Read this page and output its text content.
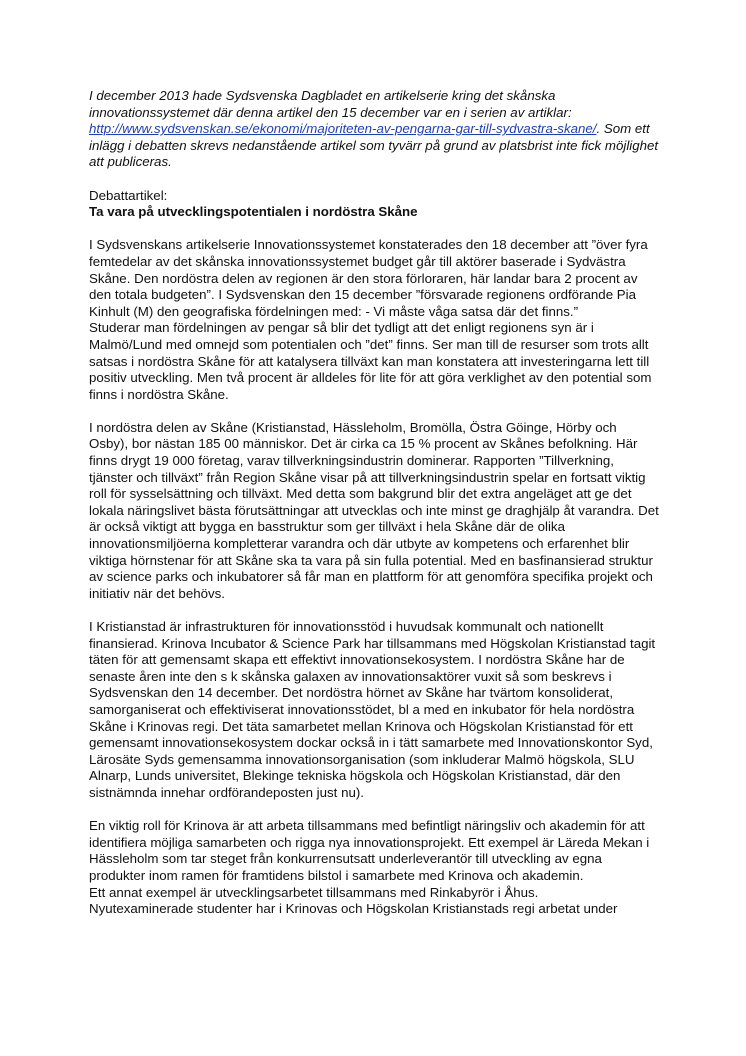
I december 2013 hade Sydsvenska Dagbladet en artikelserie kring det skånska innovationssystemet där denna artikel den 15 december var en i serien av artiklar: http://www.sydsvenskan.se/ekonomi/majoriteten-av-pengarna-gar-till-sydvastra-skane/. Som ett inlägg i debatten skrevs nedanstående artikel som tyvärr på grund av platsbrist inte fick möjlighet att publiceras.

Debattartikel:

Ta vara på utvecklingspotentialen i nordöstra Skåne

I Sydsvenskans artikelserie Innovationssystemet konstaterades den 18 december att ”över fyra femtedelar av det skånska innovationssystemet budget går till aktörer baserade i Sydvästra Skåne. Den nordöstra delen av regionen är den stora förloraren, här landar bara 2 procent av den totala budgeten”. I Sydsvenskan den 15 december ”försvarade regionens ordförande Pia Kinhult (M) den geografiska fördelningen med: - Vi måste våga satsa där det finns.”

Studerar man fördelningen av pengar så blir det tydligt att det enligt regionens syn är i Malmö/Lund med omnejd som potentialen och ”det” finns. Ser man till de resurser som trots allt satsas i nordöstra Skåne för att katalysera tillväxt kan man konstatera att investeringarna lett till positiv utveckling. Men två procent är alldeles för lite för att göra verklighet av den potential som finns i nordöstra Skåne.

I nordöstra delen av Skåne (Kristianstad, Hässleholm, Bromölla, Östra Göinge, Hörby och Osby), bor nästan 185 00 människor. Det är cirka ca 15 % procent av Skånes befolkning. Här finns drygt 19 000 företag, varav tillverkningsindustrin dominerar. Rapporten ”Tillverkning, tjänster och tillväxt” från Region Skåne visar på att tillverkningsindustrin spelar en fortsatt viktig roll för sysselsättning och tillväxt. Med detta som bakgrund blir det extra angeläget att ge det lokala näringslivet bästa förutsättningar att utvecklas och inte minst ge draghjälp åt varandra. Det är också viktigt att bygga en basstruktur som ger tillväxt i hela Skåne där de olika innovationsmiljöerna kompletterar varandra och där utbyte av kompetens och erfarenhet blir viktiga hörnstenar för att Skåne ska ta vara på sin fulla potential. Med en basfinansierad struktur av science parks och inkubatorer så får man en plattform för att genomföra specifika projekt och initiativ när det behövs.

I Kristianstad är infrastrukturen för innovationsstöd i huvudsak kommunalt och nationellt finansierad. Krinova Incubator & Science Park har tillsammans med Högskolan Kristianstad tagit täten för att gemensamt skapa ett effektivt innovationsekosystem. I nordöstra Skåne har de senaste åren inte den s k skånska galaxen av innovationsaktörer vuxit så som beskrevs i Sydsvenskan den 14 december. Det nordöstra hörnet av Skåne har tvärtom konsoliderat, samorganiserat och effektiviserat innovationsstödet, bl a med en inkubator för hela nordöstra Skåne i Krinovas regi. Det täta samarbetet mellan Krinova och Högskolan Kristianstad för ett gemensamt innovationsekosystem dockar också in i tätt samarbete med Innovationskontor Syd, Lärosäte Syds gemensamma innovationsorganisation (som inkluderar Malmö högskola, SLU Alnarp, Lunds universitet, Blekinge tekniska högskola och Högskolan Kristianstad, där den sistnämnda innehar ordförandeposten just nu).

En viktig roll för Krinova är att arbeta tillsammans med befintligt näringsliv och akademin för att identifiera möjliga samarbeten och rigga nya innovationsprojekt. Ett exempel är Läreda Mekan i Hässleholm som tar steget från konkurrensutsatt underleverantör till utveckling av egna produkter inom ramen för framtidens bilstol i samarbete med Krinova och akademin.

Ett annat exempel är utvecklingsarbetet tillsammans med Rinkabyrör i Åhus.

Nyutexaminerade studenter har i Krinovas och Högskolan Kristianstads regi arbetat under
